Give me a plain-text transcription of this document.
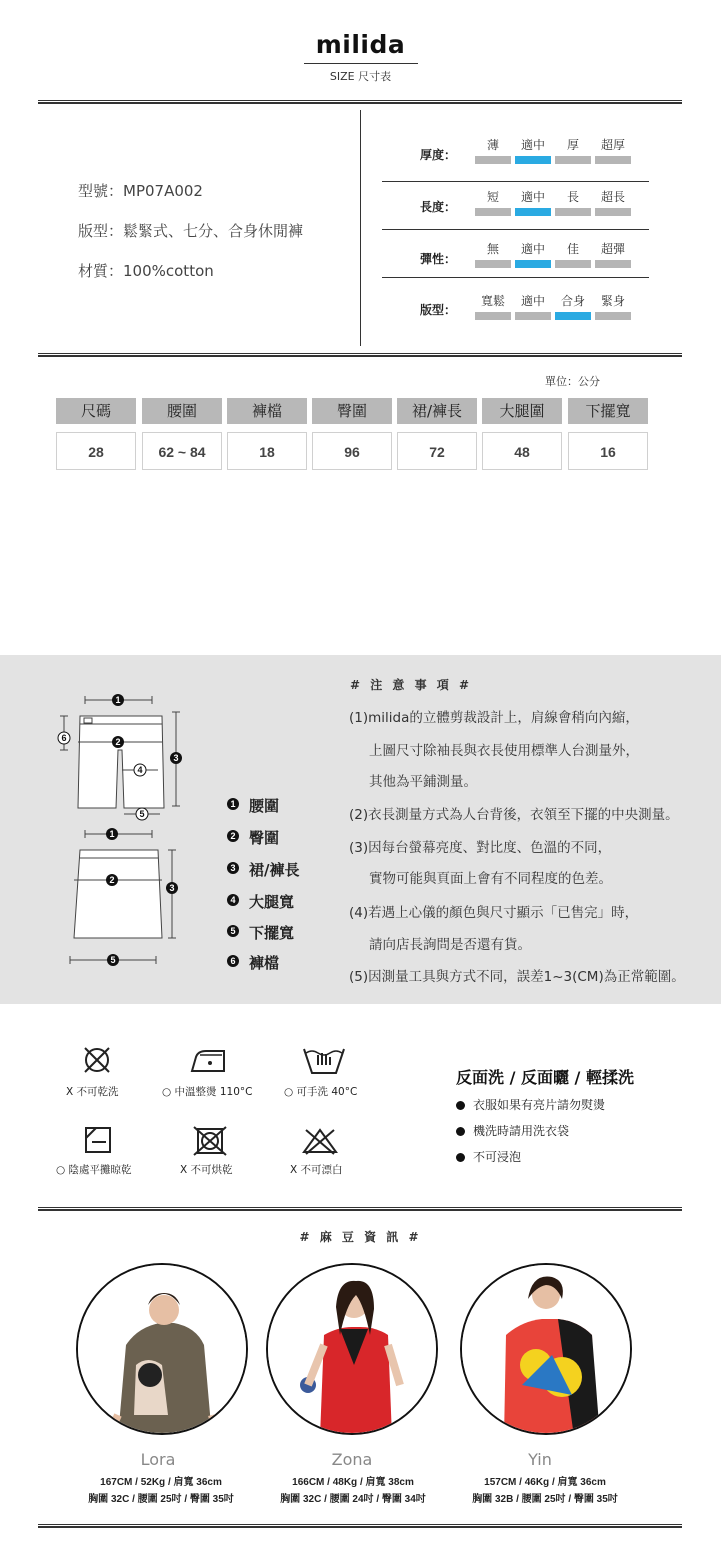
milida
SIZE 尺寸表
型號：MP07A002
版型：鬆緊式、七分、合身休閒褲
材質：100%cotton
厚度：
薄	適中	厚	超厚
長度：
短	適中	長	超長
彈性：
無	適中	佳	超彈
版型：
寬鬆	適中	合身	緊身
單位：公分
尺碼	腰圍	褲檔	臀圍	裙/褲長	大腿圍	下擺寬
28	62 ~ 84	18	96	72	48	16
1
2
3
4
5
6
1
2
3
5
1 腰圍
2 臀圍
3 裙/褲長
4 大腿寬
5 下擺寬
6 褲檔
# 注 意 事 項 #
(1)milida的立體剪裁設計上，肩線會稍向內縮，
上圖尺寸除袖長與衣長使用標準人台測量外，
其他為平鋪測量。
(2)衣長測量方式為人台背後，衣領至下擺的中央測量。
(3)因每台螢幕亮度、對比度、色溫的不同，
實物可能與頁面上會有不同程度的色差。
(4)若遇上心儀的顏色與尺寸顯示「已售完」時，
請向店長詢問是否還有貨。
(5)因測量工具與方式不同，誤差1~3(CM)為正常範圍。
X 不可乾洗	○ 中溫整燙 110°C	○ 可手洗 40°C
○ 陰處平攤晾乾	X 不可烘乾	X 不可漂白
反面洗 / 反面曬 / 輕揉洗
衣服如果有亮片請勿熨燙
機洗時請用洗衣袋
不可浸泡
# 麻 豆 資 訊 #
Lora
167CM / 52Kg / 肩寬 36cm
胸圍 32C / 腰圍 25吋 / 臀圍 35吋
Zona
166CM / 48Kg / 肩寬 38cm
胸圍 32C / 腰圍 24吋 / 臀圍 34吋
Yin
157CM / 46Kg / 肩寬 36cm
胸圍 32B / 腰圍 25吋 / 臀圍 35吋
